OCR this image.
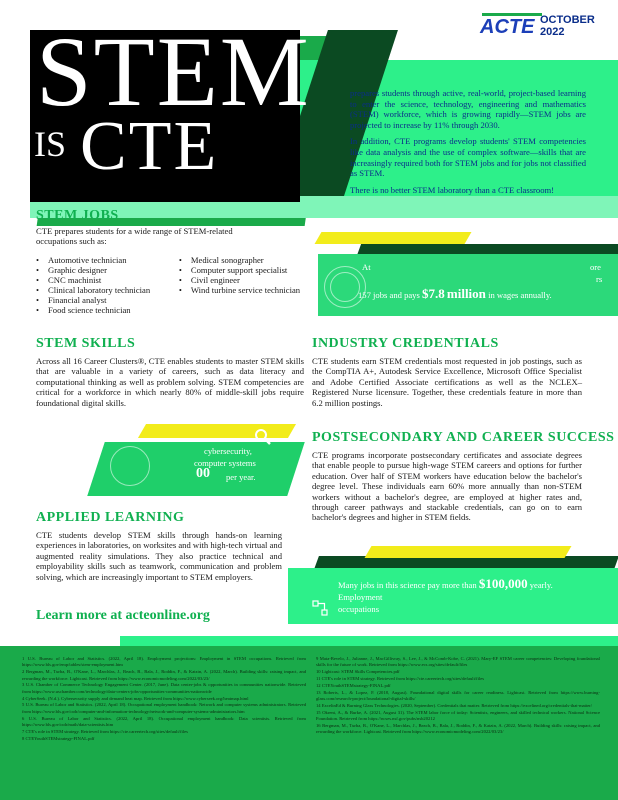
ACTE OCTOBER 2022
STEM
IS CTE

prepares students through active, real-world, project-based learning to enter the science, technology, engineering and mathematics (STEM) workforce, which is growing rapidly—STEM jobs are projected to increase by 11% through 2030.

In addition, CTE programs develop students' STEM competencies like data analysis and the use of complex software—skills that are increasingly required both for STEM jobs and for jobs not classified as STEM.

There is no better STEM laboratory than a CTE classroom!

STEM JOBS
CTE prepares students for a wide range of STEM-related occupations such as:
• Automotive technician
• Graphic designer
• CNC machinist
• Clinical laboratory technician
• Financial analyst
• Food science technician
• Medical sonographer
• Computer support specialist
• Civil engineer
• Wind turbine service technician
At	ore
rs
157 jobs and pays $7.8 million in wages annually.
STEM SKILLS
Across all 16 Career Clusters®, CTE enables students to master STEM skills that are valuable in a variety of careers, such as data literacy and computational thinking as well as problem solving. STEM competencies are critical for a workforce in which nearly 80% of middle-skill jobs require foundational digital skills.
cybersecurity,
computer systems
00 per year.
APPLIED LEARNING
CTE students develop STEM skills through hands-on learning experiences in laboratories, on worksites and with high-tech virtual and augmented reality simulations. They also practice technical and employability skills such as teamwork, communication and problem solving, which are increasingly important to STEM employers.
Learn more at acteonline.org
INDUSTRY CREDENTIALS
CTE students earn STEM credentials most requested in job postings, such as the CompTIA A+, Autodesk Service Excellence, Microsoft Office Specialist and Adobe Certified Associate certifications as well as the NCLEX–Registered Nurse licensure. Together, these credentials feature in more than 6.2 million postings.
POSTSECONDARY AND CAREER SUCCESS
CTE programs incorporate postsecondary certificates and associate degrees that enable people to pursue high-wage STEM careers and options for further education. Over half of STEM workers have education below the bachelor's degree level. These individuals earn 60% more annually than non-STEM workers without a bachelor's degree, are employed at higher rates and, through career pathways and stackable credentials, can go on to earn bachelor's degrees and higher in STEM fields.
Many jobs in this science pay more than $100,000 yearly.
Employment
occupations

1 U.S. Bureau of Labor and Statistics. (2022, April 18). Employment projections: Employment in STEM occupations. Retrieved from https://www.bls.gov/emp/tables/stem-employment.htm

2 Bergman, M., Turba, B., O'Kane, L., Marchlas, J., Beach, B., Bala, J., Roddin, F., & Katzin, A. (2022, March). Building skills: raising impact, and rewarding the workforce. Lightcast. Retrieved from https://www.economicmodeling.com/2022/03/23/

3 U.S. Chamber of Commerce Technology Engagement Center. (2017, June). Data center-jobs & opportunities in communities nationwide. Retrieved from https://www.uschamber.com/technology/data-centers-jobs-opportunities-communities-nationwide

4 CyberSeek. (N.d.). Cybersecurity supply and demand heat map. Retrieved from https://www.cyberseek.org/heatmap.html

5 U.S. Bureau of Labor and Statistics. (2022, April 18). Occupational employment handbook: Network and computer systems administrators. Retrieved from https://www.bls.gov/ooh/computer-and-information-technology/network-and-computer-systems-administrators.htm

6 U.S. Bureau of Labor and Statistics. (2022, April 18). Occupational employment handbook: Data scientists. Retrieved from https://www.bls.gov/ooh/math/data-scientists.htm

7 CTE's role in STEM strategy. Retrieved from https://cte.careertech.org/sites/default/files

8 CTEYouthSTEMstrategy-FINAL.pdf

9 Mata-Bevelo, J., Julianne, J., MacGillivray, S., Lee, J., & McComb-Kobe, C. (2021). Mary-EF STEM career competencies: Developing foundational skills for the future of work. Retrieved from https://www.ecs.org/sites/default/files

10 Lightcast: STEM Skills Competencies.pdf

11 CTE's role in STEM strategy. Retrieved from https://cte.careertech.org/sites/default/files

12 CTEYouthSTEMstrategy-FINAL.pdf

13 Roberts, L., & Lopez, F. (2018, August). Foundational digital skills for career readiness. Lightcast. Retrieved from https://www.burning-glass.com/research-project/foundational-digital-skills/

14 ExcelinEd & Burning Glass Technologies. (2020, September). Credentials that matter. Retrieved from https://excelined.org/credentials-that-matter/

15 Okrent, A., & Burke, A. (2021, August 31). The STEM labor force of today: Scientists, engineers, and skilled technical workers. National Science Foundation. Retrieved from https://ncses.nsf.gov/pubs/nsb20212

16 Bergman, M., Turba, B., O'Kane, L., Marchlas, J., Beach, B., Bala, J., Roddin, F., & Katzin, A. (2022, March). Building skills: raising impact, and rewarding the workforce. Lightcast. Retrieved from https://www.economicmodeling.com/2022/03/23/
